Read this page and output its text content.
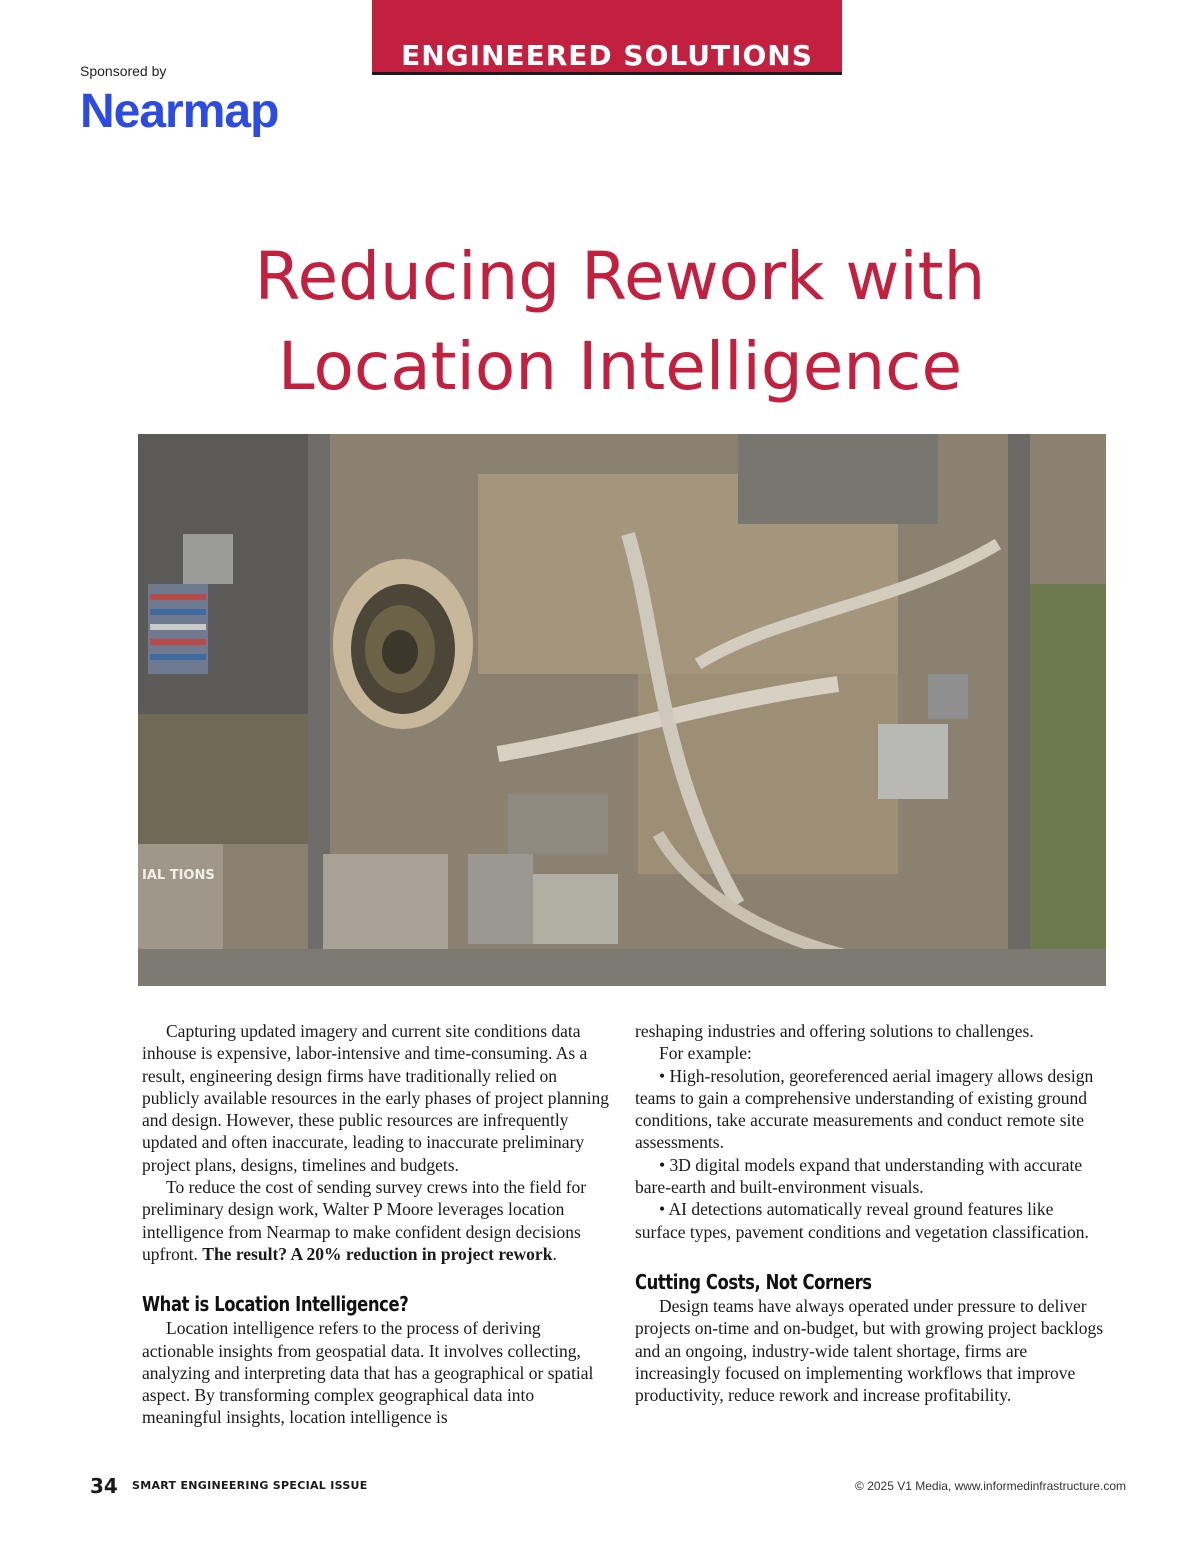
ENGINEERED SOLUTIONS
Sponsored by
Nearmap
Reducing Rework with
Location Intelligence
IAL TIONS

Capturing updated imagery and current site conditions data inhouse is expensive, labor-intensive and time-consuming. As a result, engineering design firms have traditionally relied on publicly available resources in the early phases of project planning and design. However, these public resources are infrequently updated and often inaccurate, leading to inaccurate preliminary project plans, designs, timelines and budgets.

To reduce the cost of sending survey crews into the field for preliminary design work, Walter P Moore leverages location intelligence from Nearmap to make confident design decisions upfront. The result? A 20% reduction in project rework.

What is Location Intelligence?

Location intelligence refers to the process of deriving actionable insights from geospatial data. It involves collecting, analyzing and interpreting data that has a geographical or spatial aspect. By transforming complex geographical data into meaningful insights, location intelligence is

reshaping industries and offering solutions to challenges.

For example:

• High-resolution, georeferenced aerial imagery allows design teams to gain a comprehensive understanding of existing ground conditions, take accurate measurements and conduct remote site assessments.

• 3D digital models expand that understanding with accurate bare-earth and built-environment visuals.

• AI detections automatically reveal ground features like surface types, pavement conditions and vegetation classification.

Cutting Costs, Not Corners

Design teams have always operated under pressure to deliver projects on-time and on-budget, but with growing project backlogs and an ongoing, industry-wide talent shortage, firms are increasingly focused on implementing workflows that improve productivity, reduce rework and increase profitability.

34 SMART ENGINEERING SPECIAL ISSUE	© 2025 V1 Media, www.informedinfrastructure.com
